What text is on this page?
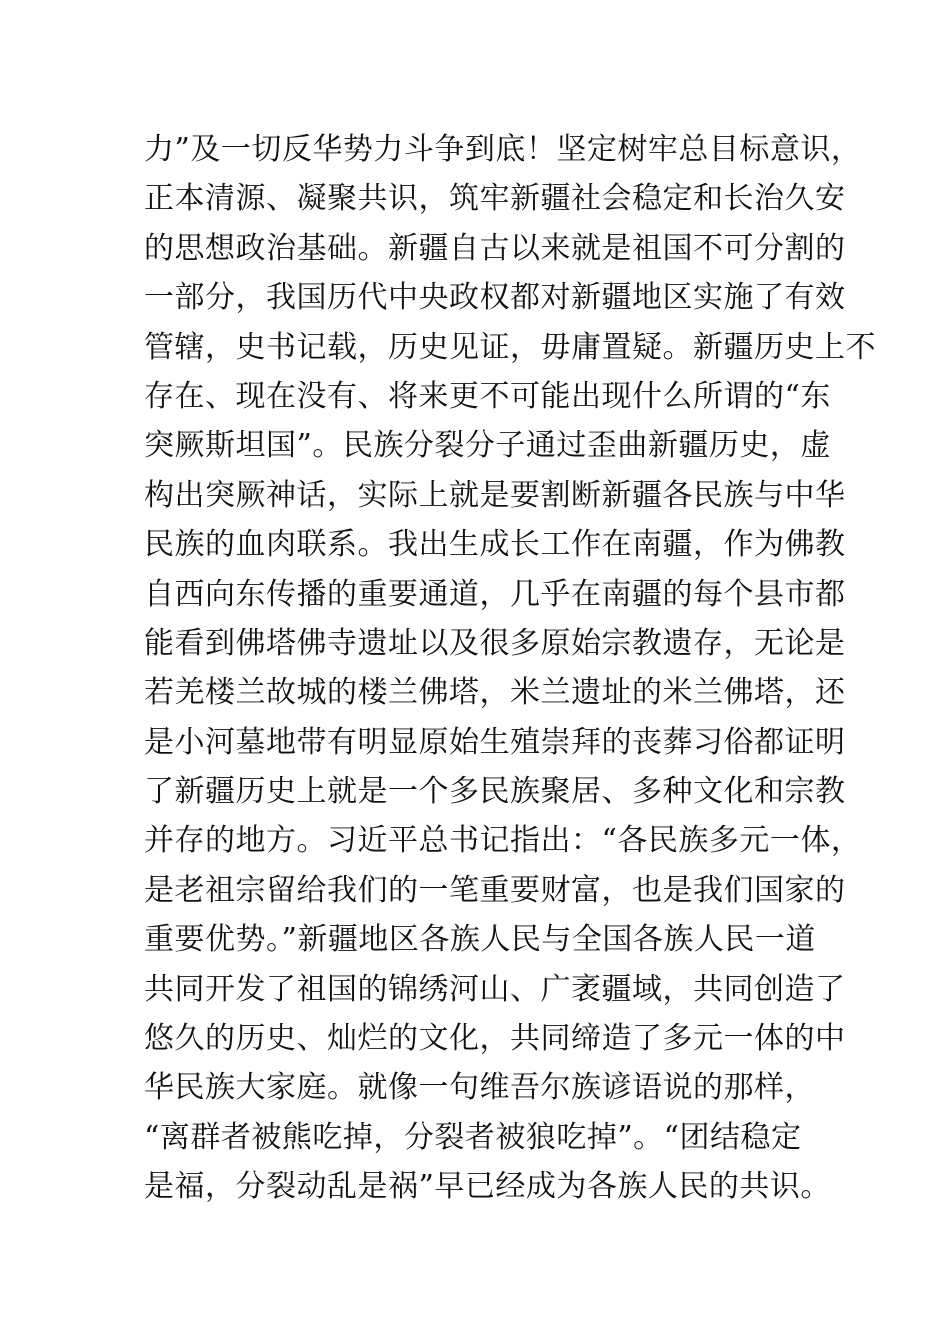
力”及一切反华势力斗争到底！坚定树牢总目标意识，
正本清源、凝聚共识，筑牢新疆社会稳定和长治久安
的思想政治基础。新疆自古以来就是祖国不可分割的
一部分，我国历代中央政权都对新疆地区实施了有效
管辖，史书记载，历史见证，毋庸置疑。新疆历史上不
存在、现在没有、将来更不可能出现什么所谓的“东
突厥斯坦国”。民族分裂分子通过歪曲新疆历史，虚
构出突厥神话，实际上就是要割断新疆各民族与中华
民族的血肉联系。我出生成长工作在南疆，作为佛教
自西向东传播的重要通道，几乎在南疆的每个县市都
能看到佛塔佛寺遗址以及很多原始宗教遗存，无论是
若羌楼兰故城的楼兰佛塔，米兰遗址的米兰佛塔，还
是小河墓地带有明显原始生殖崇拜的丧葬习俗都证明
了新疆历史上就是一个多民族聚居、多种文化和宗教
并存的地方。习近平总书记指出：“各民族多元一体，
是老祖宗留给我们的一笔重要财富，也是我们国家的
重要优势。”新疆地区各族人民与全国各族人民一道
共同开发了祖国的锦绣河山、广袤疆域，共同创造了
悠久的历史、灿烂的文化，共同缔造了多元一体的中
华民族大家庭。就像一句维吾尔族谚语说的那样，
“离群者被熊吃掉，分裂者被狼吃掉”。“团结稳定
是福，分裂动乱是祸”早已经成为各族人民的共识。
